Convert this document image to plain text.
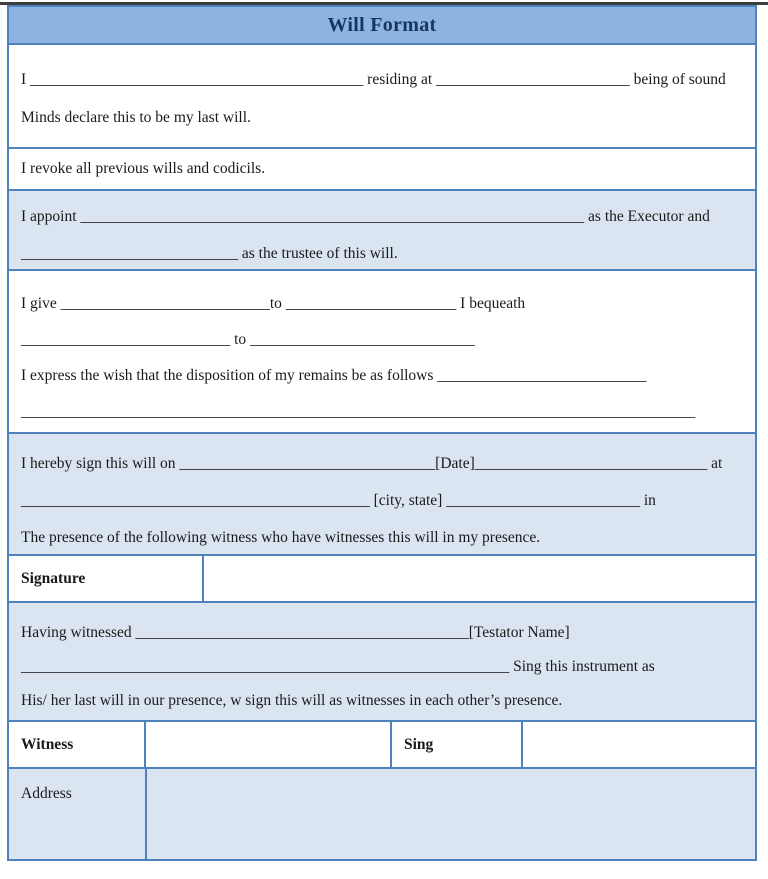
Will Format
I ___________________________________________ residing at _________________________ being of sound
Minds declare this to be my last will.
I revoke all previous wills and codicils.
I appoint _________________________________________________________________ as the Executor and
____________________________ as the trustee of this will.
I give ___________________________to ______________________ I bequeath
___________________________ to _____________________________
I express the wish that the disposition of my remains be as follows ___________________________
_______________________________________________________________________________________
I hereby sign this will on _________________________________[Date]______________________________ at
_____________________________________________ [city, state] _________________________ in
The presence of the following witness who have witnesses this will in my presence.
Signature
Having witnessed ___________________________________________[Testator Name]
_______________________________________________________________ Sing this instrument as
His/ her last will in our presence, w sign this will as witnesses in each other’s presence.
Witness	Sing
Address
